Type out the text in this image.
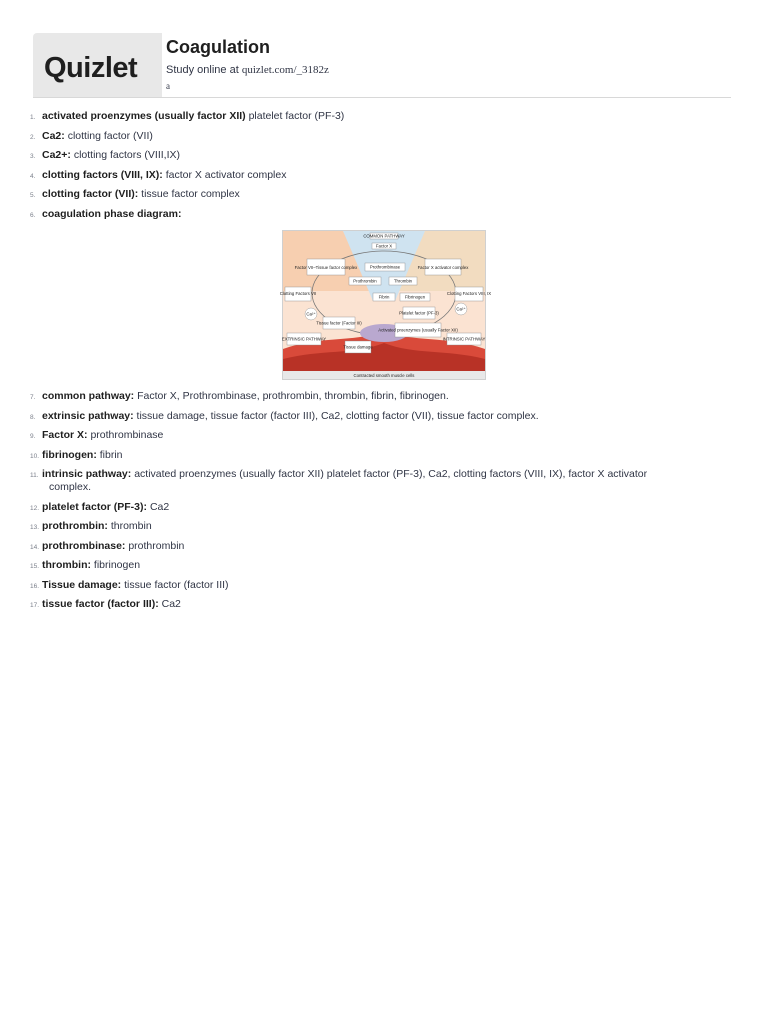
Quizlet
Coagulation
Study online at quizlet.com/_3182z
a
1. activated proenzymes (usually factor XII) platelet factor (PF-3)
2. Ca2: clotting factor (VII)
3. Ca2+: clotting factors (VIII,IX)
4. clotting factors (VIII, IX): factor X activator complex
5. clotting factor (VII): tissue factor complex
6. coagulation phase diagram:
7. common pathway: Factor X, Prothrombinase, prothrombin, thrombin, fibrin, fibrinogen.
8. extrinsic pathway: tissue damage, tissue factor (factor III), Ca2, clotting factor (VII), tissue factor complex.
9. Factor X: prothrombinase
10. fibrinogen: fibrin
11. intrinsic pathway: activated proenzymes (usually factor XII) platelet factor (PF-3), Ca2, clotting factors (VIII, IX), factor X activator
complex.
12. platelet factor (PF-3): Ca2
13. prothrombin: thrombin
14. prothrombinase: prothrombin
15. thrombin: fibrinogen
16. Tissue damage: tissue factor (factor III)
17. tissue factor (factor III): Ca2
COMMON PATHWAY
Factor X
Factor VII–Tissue factor complex	Prothrombinase	Factor X activator complex
Prothrombin	Thrombin
Clotting Factors VII	Clotting Factors VIII, IX
Fibrin	Fibrinogen
Ca²⁺
Ca²⁺
Tissue factor (Factor III)
Platelet factor (PF-3)
Activated proenzymes (usually Factor XII)
EXTRINSIC PATHWAY	INTRINSIC PATHWAY
Tissue damage
Contracted smooth muscle cells
